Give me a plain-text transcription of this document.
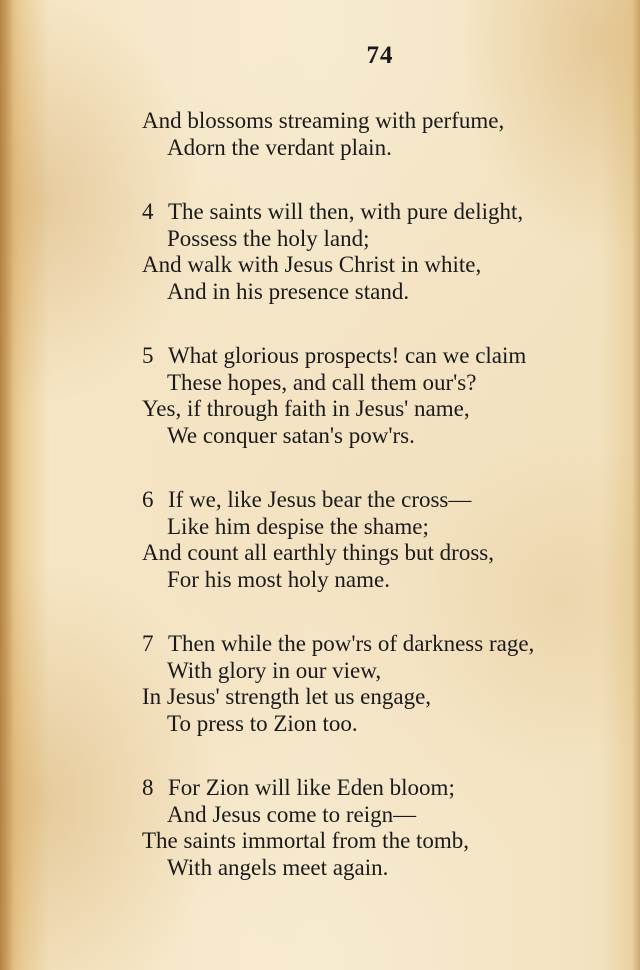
74
And blossoms streaming with perfume,
Adorn the verdant plain.
4 The saints will then, with pure delight,
Possess the holy land;
And walk with Jesus Christ in white,
And in his presence stand.
5 What glorious prospects! can we claim
These hopes, and call them our's?
Yes, if through faith in Jesus' name,
We conquer satan's pow'rs.
6 If we, like Jesus bear the cross—
Like him despise the shame;
And count all earthly things but dross,
For his most holy name.
7 Then while the pow'rs of darkness rage,
With glory in our view,
In Jesus' strength let us engage,
To press to Zion too.
8 For Zion will like Eden bloom;
And Jesus come to reign—
The saints immortal from the tomb,
With angels meet again.
